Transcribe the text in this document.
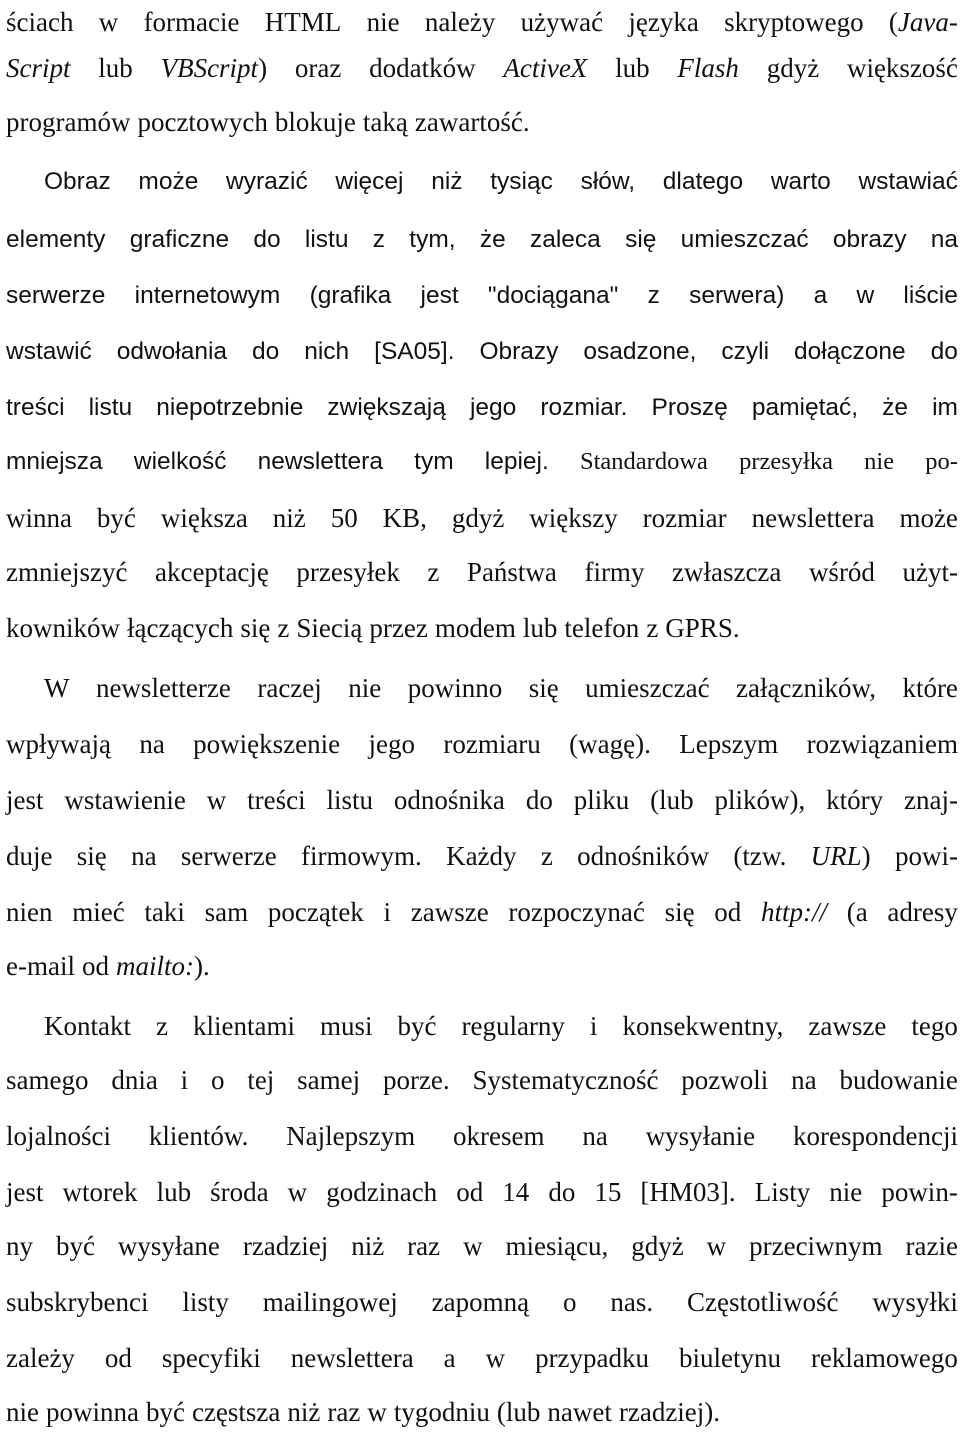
ściach w formacie HTML nie należy używać języka skryptowego (Java-
Script lub VBScript) oraz dodatków ActiveX lub Flash gdyż większość
programów pocztowych blokuje taką zawartość.
Obraz może wyrazić więcej niż tysiąc słów, dlatego warto wstawiać
elementy graficzne do listu z tym, że zaleca się umieszczać obrazy na
serwerze internetowym (grafika jest "dociągana" z serwera) a w liście
wstawić odwołania do nich [SA05]. Obrazy osadzone, czyli dołączone do
treści listu niepotrzebnie zwiększają jego rozmiar. Proszę pamiętać, że im
mniejsza wielkość newslettera tym lepiej. Standardowa przesyłka nie po-
winna być większa niż 50 KB, gdyż większy rozmiar newslettera może
zmniejszyć akceptację przesyłek z Państwa firmy zwłaszcza wśród użyt-
kowników łączących się z Siecią przez modem lub telefon z GPRS.
W newsletterze raczej nie powinno się umieszczać załączników, które
wpływają na powiększenie jego rozmiaru (wagę). Lepszym rozwiązaniem
jest wstawienie w treści listu odnośnika do pliku (lub plików), który znaj-
duje się na serwerze firmowym. Każdy z odnośników (tzw. URL) powi-
nien mieć taki sam początek i zawsze rozpoczynać się od http:// (a adresy
e-mail od mailto:).
Kontakt z klientami musi być regularny i konsekwentny, zawsze tego
samego dnia i o tej samej porze. Systematyczność pozwoli na budowanie
lojalności klientów. Najlepszym okresem na wysyłanie korespondencji
jest wtorek lub środa w godzinach od 14 do 15 [HM03]. Listy nie powin-
ny być wysyłane rzadziej niż raz w miesiącu, gdyż w przeciwnym razie
subskrybenci listy mailingowej zapomną o nas. Częstotliwość wysyłki
zależy od specyfiki newslettera a w przypadku biuletynu reklamowego
nie powinna być częstsza niż raz w tygodniu (lub nawet rzadziej).
